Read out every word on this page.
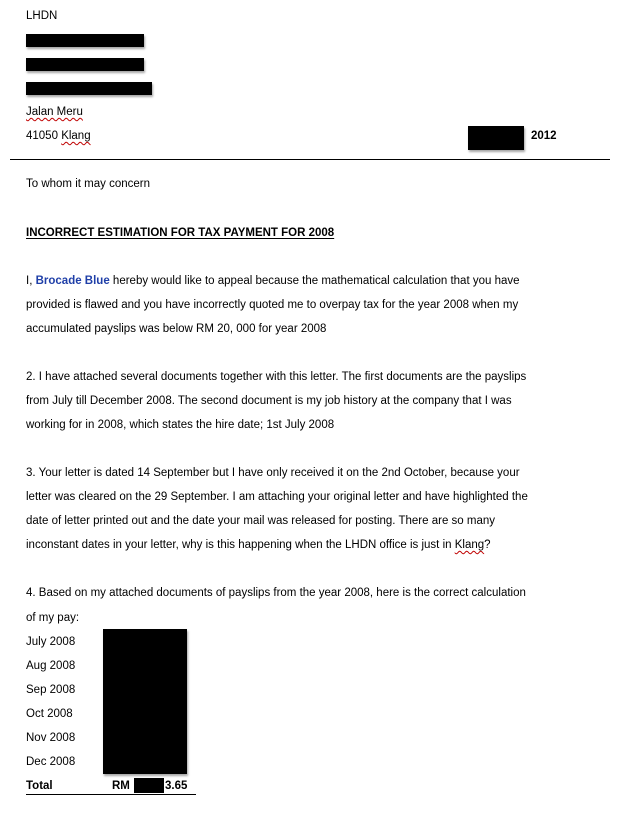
LHDN
Jalan Meru
41050 Klang	2012
To whom it may concern
INCORRECT ESTIMATION FOR TAX PAYMENT FOR 2008
I, Brocade Blue hereby would like to appeal because the mathematical calculation that you have
provided is flawed and you have incorrectly quoted me to overpay tax for the year 2008 when my
accumulated payslips was below RM 20, 000 for year 2008
2. I have attached several documents together with this letter. The first documents are the payslips
from July till December 2008. The second document is my job history at the company that I was
working for in 2008, which states the hire date; 1st July 2008
3. Your letter is dated 14 September but I have only received it on the 2nd October, because your
letter was cleared on the 29 September. I am attaching your original letter and have highlighted the
date of letter printed out and the date your mail was released for posting. There are so many
inconstant dates in your letter, why is this happening when the LHDN office is just in Klang?
4. Based on my attached documents of payslips from the year 2008, here is the correct calculation
of my pay:
July 2008
Aug 2008
Sep 2008
Oct 2008
Nov 2008
Dec 2008
Total	RM	3.65
